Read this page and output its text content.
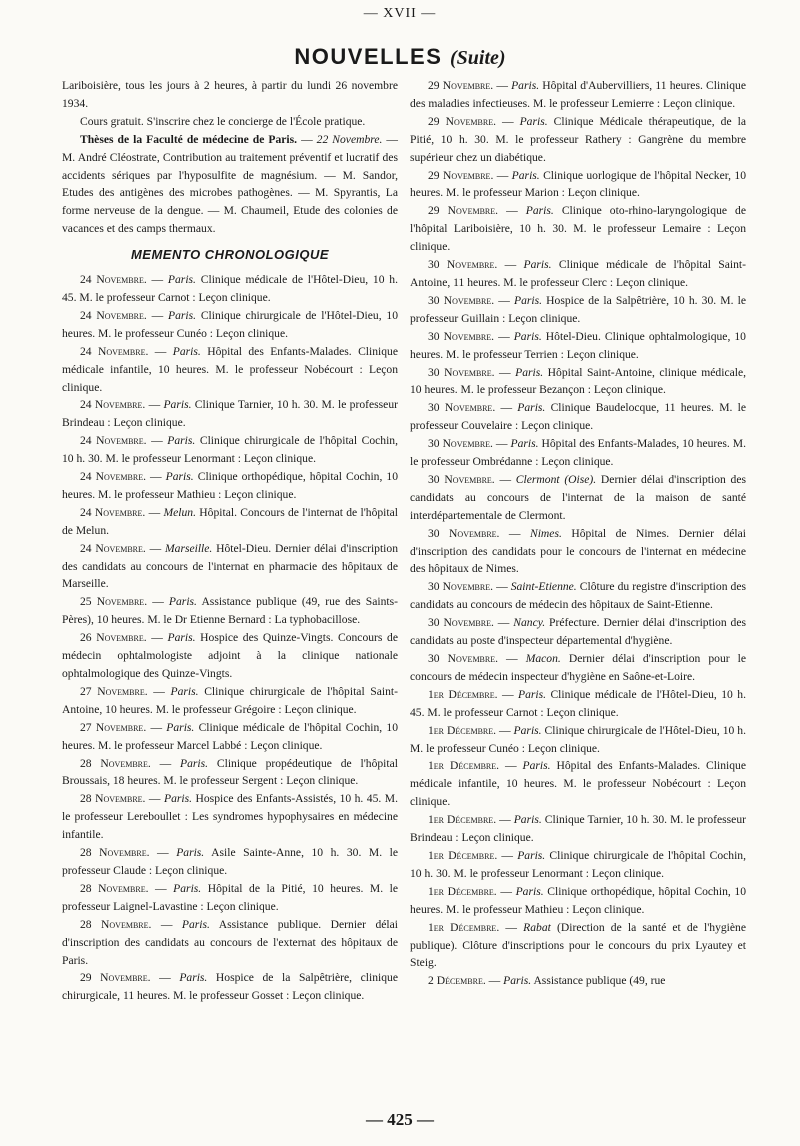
— XVII —
NOUVELLES (Suite)

Lariboisière, tous les jours à 2 heures, à partir du lundi 26 novembre 1934.

Cours gratuit. S'inscrire chez le concierge de l'École pratique.

Thèses de la Faculté de médecine de Paris. — 22 Novembre. — M. André Cléostrate, Contribution au traitement préventif et lucratif des accidents sériques par l'hyposulfite de magnésium. — M. Sandor, Etudes des antigènes des microbes pathogènes. — M. Spyrantis, La forme nerveuse de la dengue. — M. Chaumeil, Etude des colonies de vacances et des camps thermaux.

MEMENTO CHRONOLOGIQUE

24 Novembre. — Paris. Clinique médicale de l'Hôtel-Dieu, 10 h. 45. M. le professeur Carnot : Leçon clinique.

24 Novembre. — Paris. Clinique chirurgicale de l'Hôtel-Dieu, 10 heures. M. le professeur Cunéo : Leçon clinique.

24 Novembre. — Paris. Hôpital des Enfants-Malades. Clinique médicale infantile, 10 heures. M. le professeur Nobécourt : Leçon clinique.

24 Novembre. — Paris. Clinique Tarnier, 10 h. 30. M. le professeur Brindeau : Leçon clinique.

24 Novembre. — Paris. Clinique chirurgicale de l'hôpital Cochin, 10 h. 30. M. le professeur Lenormant : Leçon clinique.

24 Novembre. — Paris. Clinique orthopédique, hôpital Cochin, 10 heures. M. le professeur Mathieu : Leçon clinique.

24 Novembre. — Melun. Hôpital. Concours de l'internat de l'hôpital de Melun.

24 Novembre. — Marseille. Hôtel-Dieu. Dernier délai d'inscription des candidats au concours de l'internat en pharmacie des hôpitaux de Marseille.

25 Novembre. — Paris. Assistance publique (49, rue des Saints-Pères), 10 heures. M. le Dr Etienne Bernard : La typhobacillose.

26 Novembre. — Paris. Hospice des Quinze-Vingts. Concours de médecin ophtalmologiste adjoint à la clinique nationale ophtalmologique des Quinze-Vingts.

27 Novembre. — Paris. Clinique chirurgicale de l'hôpital Saint-Antoine, 10 heures. M. le professeur Grégoire : Leçon clinique.

27 Novembre. — Paris. Clinique médicale de l'hôpital Cochin, 10 heures. M. le professeur Marcel Labbé : Leçon clinique.

28 Novembre. — Paris. Clinique propédeutique de l'hôpital Broussais, 18 heures. M. le professeur Sergent : Leçon clinique.

28 Novembre. — Paris. Hospice des Enfants-Assistés, 10 h. 45. M. le professeur Lereboullet : Les syndromes hypophysaires en médecine infantile.

28 Novembre. — Paris. Asile Sainte-Anne, 10 h. 30. M. le professeur Claude : Leçon clinique.

28 Novembre. — Paris. Hôpital de la Pitié, 10 heures. M. le professeur Laignel-Lavastine : Leçon clinique.

28 Novembre. — Paris. Assistance publique. Dernier délai d'inscription des candidats au concours de l'externat des hôpitaux de Paris.

29 Novembre. — Paris. Hospice de la Salpêtrière, clinique chirurgicale, 11 heures. M. le professeur Gosset : Leçon clinique.

29 Novembre. — Paris. Hôpital d'Aubervilliers, 11 heures. Clinique des maladies infectieuses. M. le professeur Lemierre : Leçon clinique.

29 Novembre. — Paris. Clinique Médicale thérapeutique, de la Pitié, 10 h. 30. M. le professeur Rathery : Gangrène du membre supérieur chez un diabétique.

29 Novembre. — Paris. Clinique uorlogique de l'hôpital Necker, 10 heures. M. le professeur Marion : Leçon clinique.

29 Novembre. — Paris. Clinique oto-rhino-laryngologique de l'hôpital Lariboisière, 10 h. 30. M. le professeur Lemaire : Leçon clinique.

30 Novembre. — Paris. Clinique médicale de l'hôpital Saint-Antoine, 11 heures. M. le professeur Clerc : Leçon clinique.

30 Novembre. — Paris. Hospice de la Salpêtrière, 10 h. 30. M. le professeur Guillain : Leçon clinique.

30 Novembre. — Paris. Hôtel-Dieu. Clinique ophtalmologique, 10 heures. M. le professeur Terrien : Leçon clinique.

30 Novembre. — Paris. Hôpital Saint-Antoine, clinique médicale, 10 heures. M. le professeur Bezançon : Leçon clinique.

30 Novembre. — Paris. Clinique Baudelocque, 11 heures. M. le professeur Couvelaire : Leçon clinique.

30 Novembre. — Paris. Hôpital des Enfants-Malades, 10 heures. M. le professeur Ombrédanne : Leçon clinique.

30 Novembre. — Clermont (Oise). Dernier délai d'inscription des candidats au concours de l'internat de la maison de santé interdépartementale de Clermont.

30 Novembre. — Nimes. Hôpital de Nimes. Dernier délai d'inscription des candidats pour le concours de l'internat en médecine des hôpitaux de Nimes.

30 Novembre. — Saint-Etienne. Clôture du registre d'inscription des candidats au concours de médecin des hôpitaux de Saint-Etienne.

30 Novembre. — Nancy. Préfecture. Dernier délai d'inscription des candidats au poste d'inspecteur départemental d'hygiène.

30 Novembre. — Macon. Dernier délai d'inscription pour le concours de médecin inspecteur d'hygiène en Saône-et-Loire.

1er Décembre. — Paris. Clinique médicale de l'Hôtel-Dieu, 10 h. 45. M. le professeur Carnot : Leçon clinique.

1er Décembre. — Paris. Clinique chirurgicale de l'Hôtel-Dieu, 10 h. M. le professeur Cunéo : Leçon clinique.

1er Décembre. — Paris. Hôpital des Enfants-Malades. Clinique médicale infantile, 10 heures. M. le professeur Nobécourt : Leçon clinique.

1er Décembre. — Paris. Clinique Tarnier, 10 h. 30. M. le professeur Brindeau : Leçon clinique.

1er Décembre. — Paris. Clinique chirurgicale de l'hôpital Cochin, 10 h. 30. M. le professeur Lenormant : Leçon clinique.

1er Décembre. — Paris. Clinique orthopédique, hôpital Cochin, 10 heures. M. le professeur Mathieu : Leçon clinique.

1er Décembre. — Rabat (Direction de la santé et de l'hygiène publique). Clôture d'inscriptions pour le concours du prix Lyautey et Steig.

2 Décembre. — Paris. Assistance publique (49, rue

— 425 —
